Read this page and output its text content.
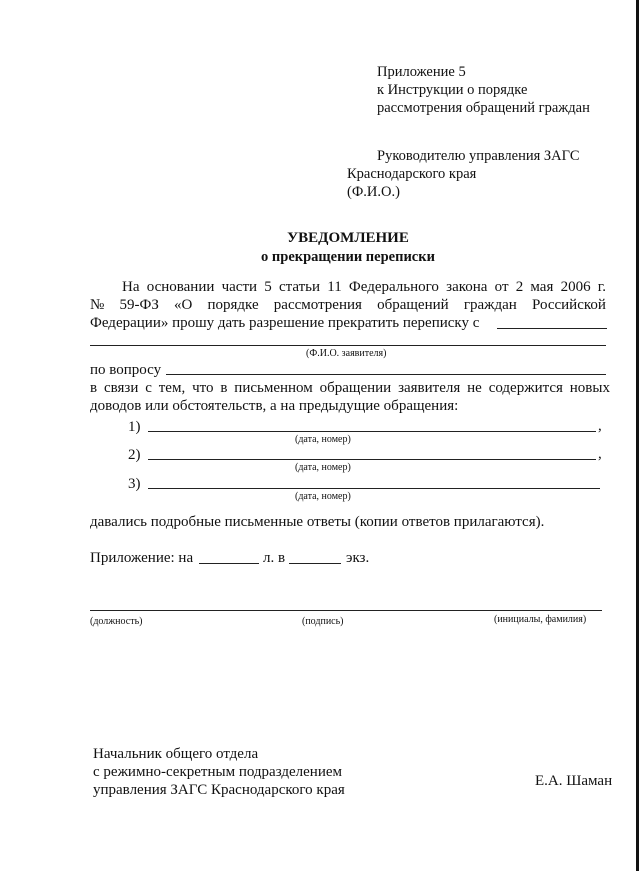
Приложение 5
к Инструкции о порядке
рассмотрения обращений граждан
Руководителю управления ЗАГС
Краснодарского края
(Ф.И.О.)
УВЕДОМЛЕНИЕ
о прекращении переписки
На основании части 5 статьи 11 Федерального закона от 2 мая 2006 г.
№ 59-ФЗ «О порядке рассмотрения обращений граждан Российской
Федерации» прошу дать разрешение прекратить переписку с
(Ф.И.О. заявителя)
по вопросу
в связи с тем, что в письменном обращении заявителя не содержится новых
доводов или обстоятельств, а на предыдущие обращения:
1)	,
(дата, номер)
2)	,
(дата, номер)
3)
(дата, номер)
давались подробные письменные ответы (копии ответов прилагаются).
Приложение: на	л. в	экз.
(должность)	(подпись)	(инициалы, фамилия)
Начальник общего отдела
с режимно-секретным подразделением
управления ЗАГС Краснодарского края
Е.А. Шаман
